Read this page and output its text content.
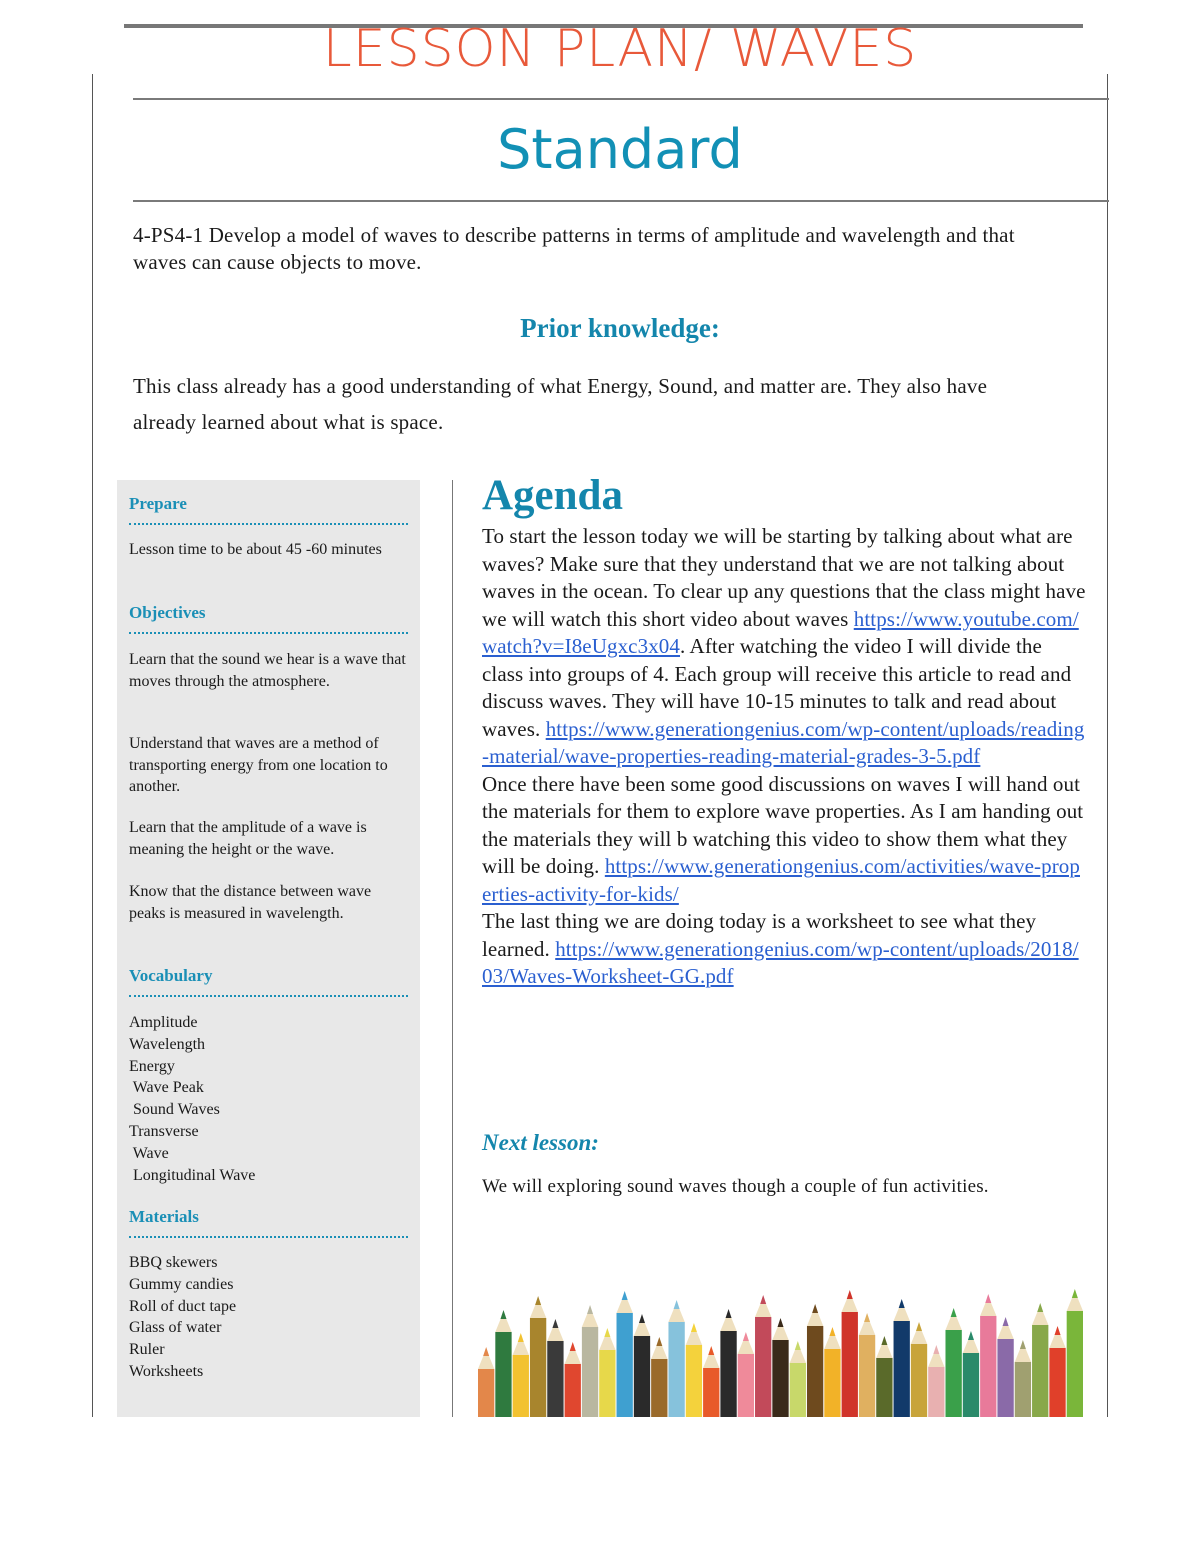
LESSON PLAN/ WAVES
Standard
4-PS4-1 Develop a model of waves to describe patterns in terms of amplitude and wavelength and that
waves can cause objects to move.
Prior knowledge:
This class already has a good understanding of what Energy, Sound, and matter are. They also have
already learned about what is space.
Prepare
Lesson time to be about 45 -60 minutes
Objectives
Learn that the sound we hear is a wave that moves through the atmosphere.
Understand that waves are a method of transporting energy from one location to another.
Learn that the amplitude of a wave is meaning the height or the wave.
Know that the distance between wave peaks is measured in wavelength.
Vocabulary
Amplitude
Wavelength
Energy
Wave Peak
Sound Waves
Transverse
Wave
Longitudinal Wave
Materials
BBQ skewers
Gummy candies
Roll of duct tape
Glass of water
Ruler
Worksheets
Agenda
To start the lesson today we will be starting by talking about what are waves? Make sure that they understand that we are not talking about waves in the ocean. To clear up any questions that the class might have we will watch this short video about waves https://www.youtube.com/watch?v=I8eUgxc3x04. After watching the video I will divide the class into groups of 4. Each group will receive this article to read and discuss waves. They will have 10-15 minutes to talk and read about waves. https://www.generationgenius.com/wp-content/uploads/reading-material/wave-properties-reading-material-grades-3-5.pdf
Once there have been some good discussions on waves I will hand out the materials for them to explore wave properties. As I am handing out the materials they will b watching this video to show them what they will be doing. https://www.generationgenius.com/activities/wave-properties-activity-for-kids/
The last thing we are doing today is a worksheet to see what they learned. https://www.generationgenius.com/wp-content/uploads/2018/03/Waves-Worksheet-GG.pdf
Next lesson:
We will exploring sound waves though a couple of fun activities.
